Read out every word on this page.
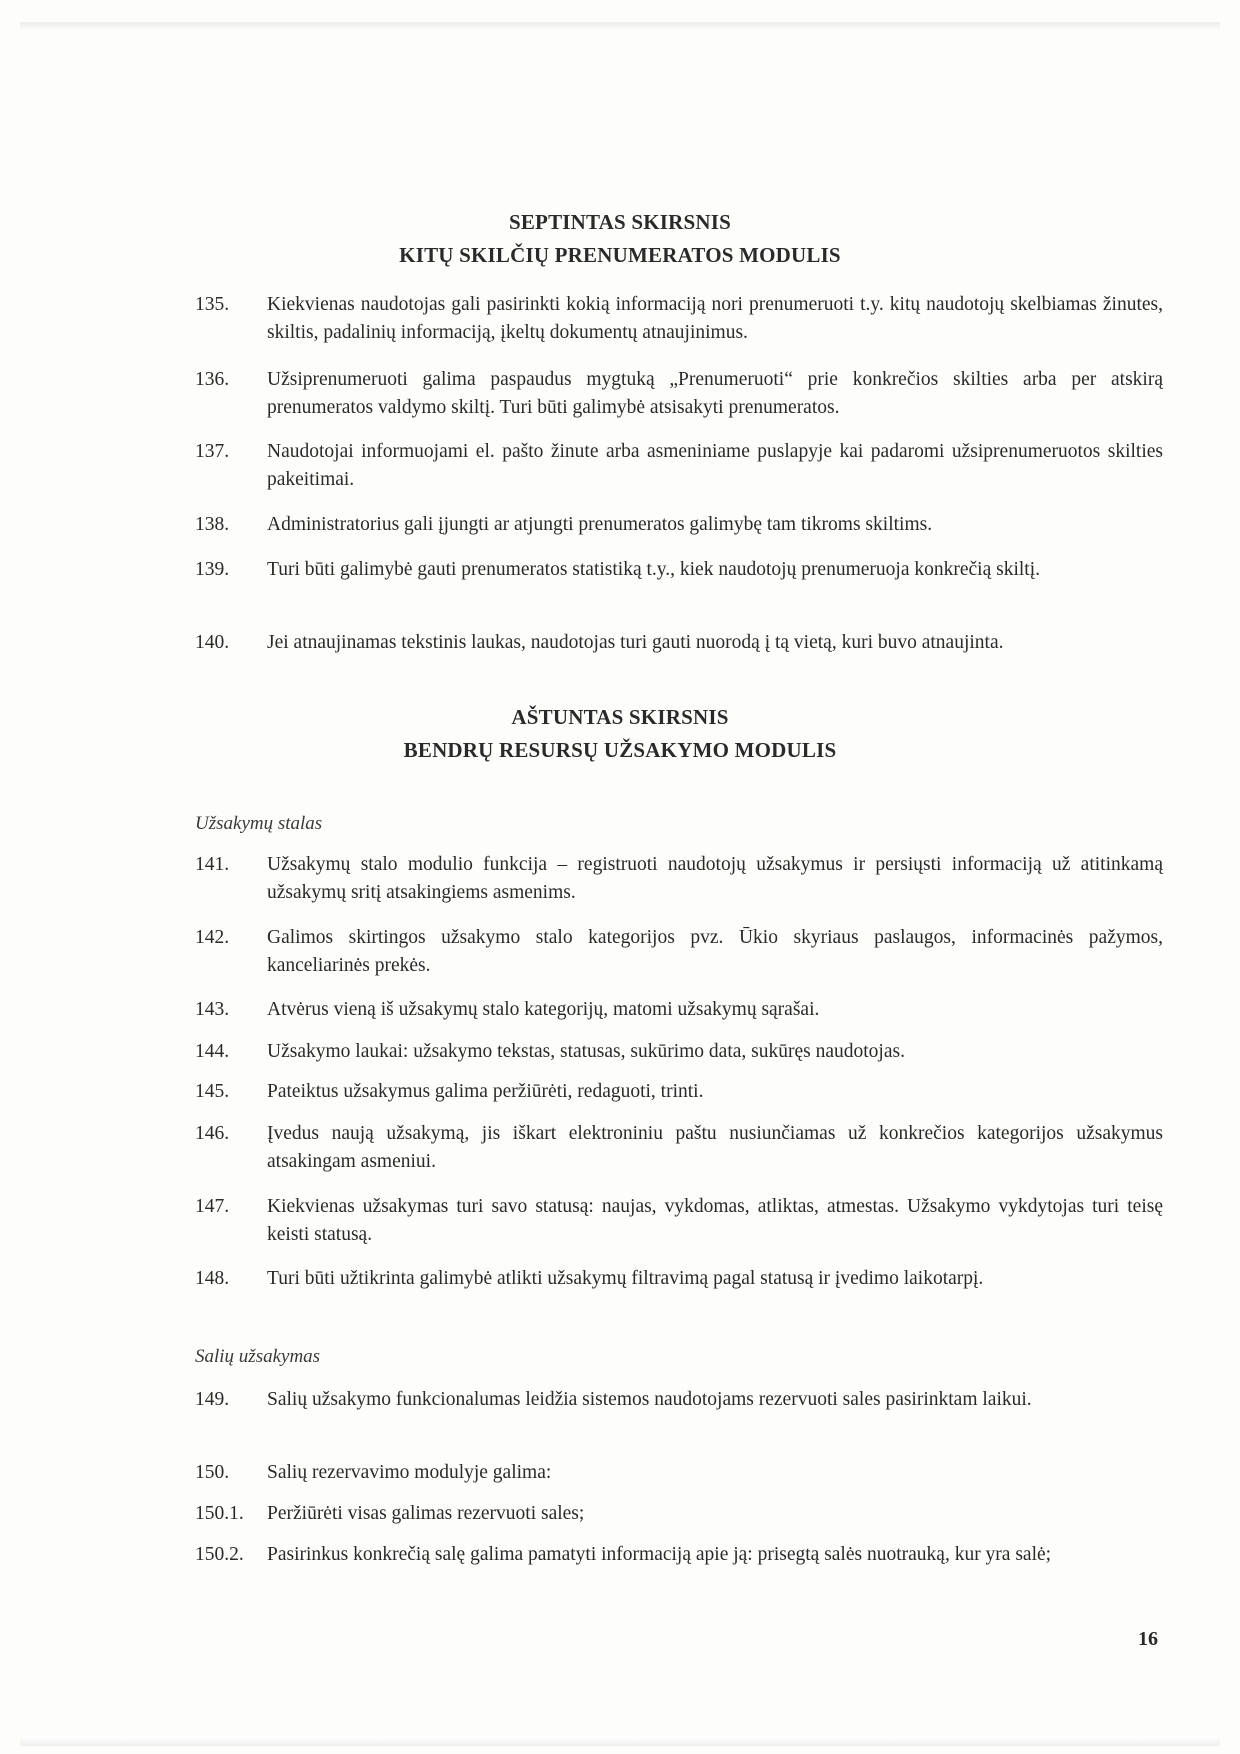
SEPTINTAS SKIRSNIS
KITŲ SKILČIŲ PRENUMERATOS MODULIS
135.	Kiekvienas naudotojas gali pasirinkti kokią informaciją nori prenumeruoti t.y. kitų naudotojų skelbiamas žinutes, skiltis, padalinių informaciją, įkeltų dokumentų atnaujinimus.
136.	Užsiprenumeruoti galima paspaudus mygtuką „Prenumeruoti“ prie konkrečios skilties arba per atskirą prenumeratos valdymo skiltį. Turi būti galimybė atsisakyti prenumeratos.
137.	Naudotojai informuojami el. pašto žinute arba asmeniniame puslapyje kai padaromi užsiprenumeruotos skilties pakeitimai.
138.	Administratorius gali įjungti ar atjungti prenumeratos galimybę tam tikroms skiltims.
139.	Turi būti galimybė gauti prenumeratos statistiką t.y., kiek naudotojų prenumeruoja konkrečią skiltį.
140.	Jei atnaujinamas tekstinis laukas, naudotojas turi gauti nuorodą į tą vietą, kuri buvo atnaujinta.
AŠTUNTAS SKIRSNIS
BENDRŲ RESURSŲ UŽSAKYMO MODULIS
Užsakymų stalas
141.	Užsakymų stalo modulio funkcija – registruoti naudotojų užsakymus ir persiųsti informaciją už atitinkamą užsakymų sritį atsakingiems asmenims.
142.	Galimos skirtingos užsakymo stalo kategorijos pvz. Ūkio skyriaus paslaugos, informacinės pažymos, kanceliarinės prekės.
143.	Atvėrus vieną iš užsakymų stalo kategorijų, matomi užsakymų sąrašai.
144.	Užsakymo laukai: užsakymo tekstas, statusas, sukūrimo data, sukūręs naudotojas.
145.	Pateiktus užsakymus galima peržiūrėti, redaguoti, trinti.
146.	Įvedus naują užsakymą, jis iškart elektroniniu paštu nusiunčiamas už konkrečios kategorijos užsakymus atsakingam asmeniui.
147.	Kiekvienas užsakymas turi savo statusą: naujas, vykdomas, atliktas, atmestas. Užsakymo vykdytojas turi teisę keisti statusą.
148.	Turi būti užtikrinta galimybė atlikti užsakymų filtravimą pagal statusą ir įvedimo laikotarpį.
Salių užsakymas
149.	Salių užsakymo funkcionalumas leidžia sistemos naudotojams rezervuoti sales pasirinktam laikui.
150.	Salių rezervavimo modulyje galima:
150.1.	Peržiūrėti visas galimas rezervuoti sales;
150.2.	Pasirinkus konkrečią salę galima pamatyti informaciją apie ją: prisegtą salės nuotrauką, kur yra salė;
16
